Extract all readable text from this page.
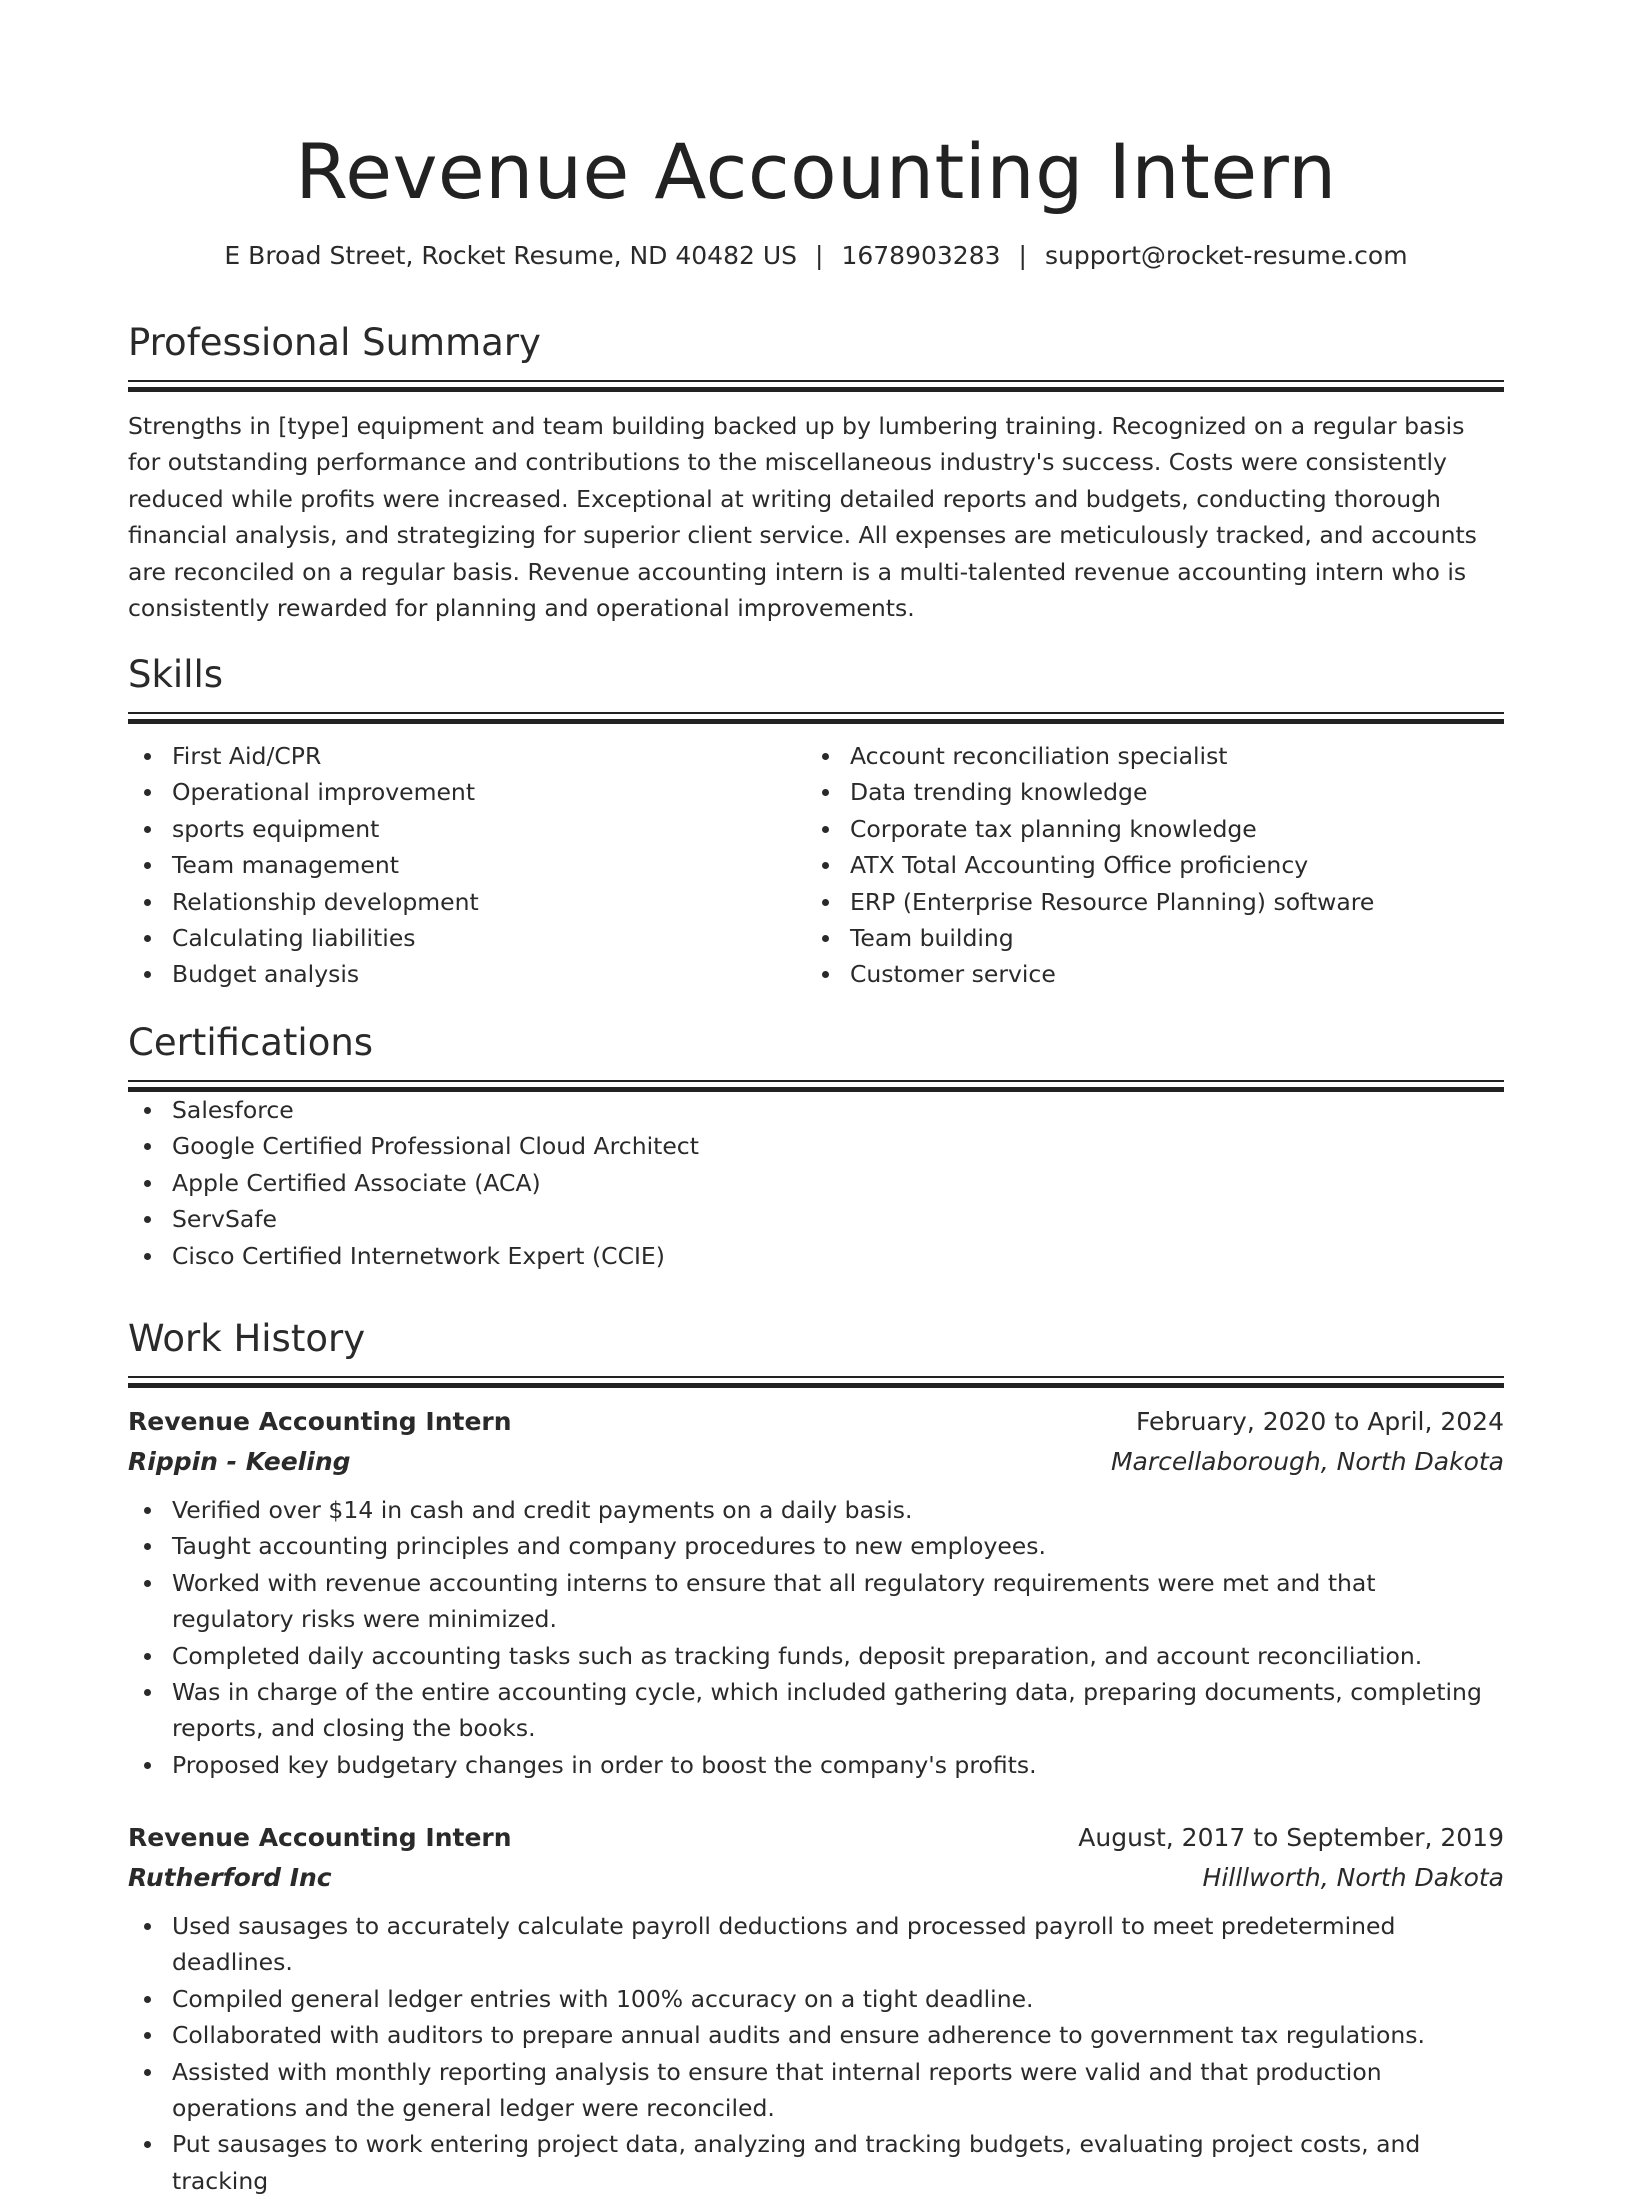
Revenue Accounting Intern
E Broad Street, Rocket Resume, ND 40482 US | 1678903283 | support@rocket-resume.com
Professional Summary
Strengths in [type] equipment and team building backed up by lumbering training. Recognized on a regular basis for outstanding performance and contributions to the miscellaneous industry's success. Costs were consistently reduced while profits were increased. Exceptional at writing detailed reports and budgets, conducting thorough financial analysis, and strategizing for superior client service. All expenses are meticulously tracked, and accounts are reconciled on a regular basis. Revenue accounting intern is a multi-talented revenue accounting intern who is consistently rewarded for planning and operational improvements.
Skills
First Aid/CPR
Operational improvement
sports equipment
Team management
Relationship development
Calculating liabilities
Budget analysis
Account reconciliation specialist
Data trending knowledge
Corporate tax planning knowledge
ATX Total Accounting Office proficiency
ERP (Enterprise Resource Planning) software
Team building
Customer service
Certifications
Salesforce
Google Certified Professional Cloud Architect
Apple Certified Associate (ACA)
ServSafe
Cisco Certified Internetwork Expert (CCIE)
Work History
Revenue Accounting Intern	February, 2020 to April, 2024
Rippin - Keeling	Marcellaborough, North Dakota
Verified over $14 in cash and credit payments on a daily basis.
Taught accounting principles and company procedures to new employees.
Worked with revenue accounting interns to ensure that all regulatory requirements were met and that regulatory risks were minimized.
Completed daily accounting tasks such as tracking funds, deposit preparation, and account reconciliation.
Was in charge of the entire accounting cycle, which included gathering data, preparing documents, completing reports, and closing the books.
Proposed key budgetary changes in order to boost the company's profits.
Revenue Accounting Intern	August, 2017 to September, 2019
Rutherford Inc	Hilllworth, North Dakota
Used sausages to accurately calculate payroll deductions and processed payroll to meet predetermined deadlines.
Compiled general ledger entries with 100% accuracy on a tight deadline.
Collaborated with auditors to prepare annual audits and ensure adherence to government tax regulations.
Assisted with monthly reporting analysis to ensure that internal reports were valid and that production operations and the general ledger were reconciled.
Put sausages to work entering project data, analyzing and tracking budgets, evaluating project costs, and tracking
